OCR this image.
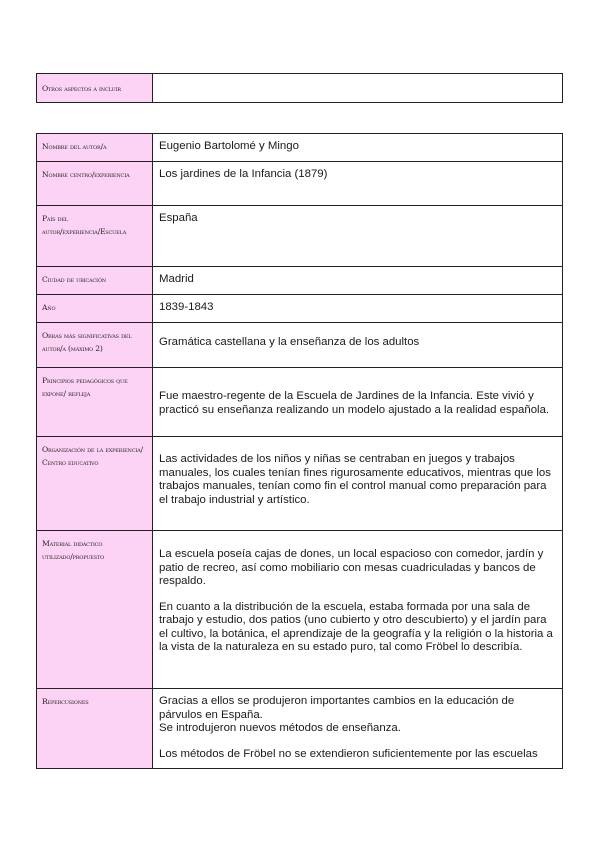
Otros aspectos a incluir	
Nombre del autor/a	Eugenio Bartolomé y Mingo

Nombre centro/experiencia	Los jardines de la Infancia (1879)

País del autor/experiencia/Escuela	España

Ciudad de ubicación	Madrid

Año	1839-1843

Obras más significativas del autor/a (máximo 2)	Gramática castellana y la enseñanza de los adultos

Principios pedagógicos que expone/ refleja	Fue maestro-regente de la Escuela de Jardines de la Infancia. Este vivió y practicó su enseñanza realizando un modelo ajustado a la realidad española.

Organización de la experiencia/ Centro educativo	Las actividades de los niños y niñas se centraban en juegos y trabajos manuales, los cuales tenían fines rigurosamente educativos, mientras que los trabajos manuales, tenían como fin el control manual como preparación para el trabajo industrial y artístico.

Material didáctico utilizado/propuesto	La escuela poseía cajas de dones, un local espacioso con comedor, jardín y patio de recreo, así como mobiliario con mesas cuadriculadas y bancos de respaldo.

En cuanto a la distribución de la escuela, estaba formada por una sala de trabajo y estudio, dos patios (uno cubierto y otro descubierto) y el jardín para el cultivo, la botánica, el aprendizaje de la geografía y la religión o la historia a la vista de la naturaleza en su estado puro, tal como Fröbel lo describía.

Repercusiones	Gracias a ellos se produjeron importantes cambios en la educación de párvulos en España.

Se introdujeron nuevos métodos de enseñanza.

Los métodos de Fröbel no se extendieron suficientemente por las escuelas
